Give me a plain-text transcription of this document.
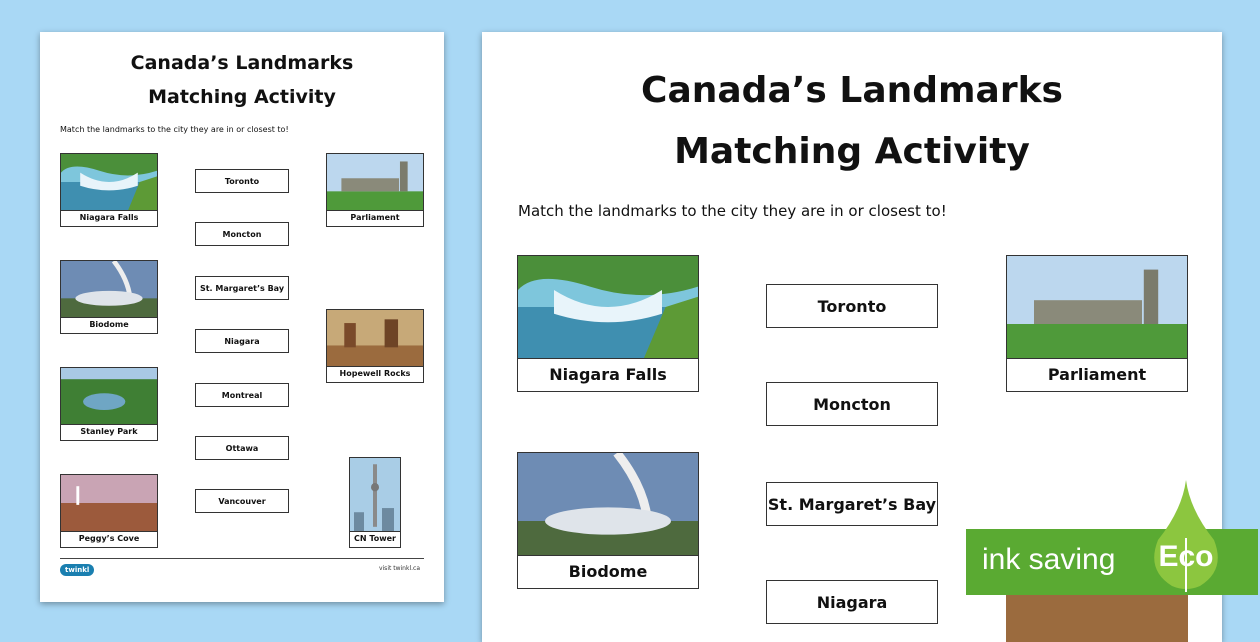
Canada’s Landmarks
Matching Activity
Match the landmarks to the city they are in or closest to!
Niagara Falls
Biodome
Stanley Park
Peggy’s Cove
Toronto
Moncton
St. Margaret’s Bay
Niagara
Montreal
Ottawa
Vancouver
Parliament
Hopewell Rocks
CN Tower
twinkl	visit twinkl.ca
Canada’s Landmarks
Matching Activity
Match the landmarks to the city they are in or closest to!
Niagara Falls
Biodome
Toronto
Moncton
St. Margaret’s Bay
Niagara
Parliament
ink saving Eco
